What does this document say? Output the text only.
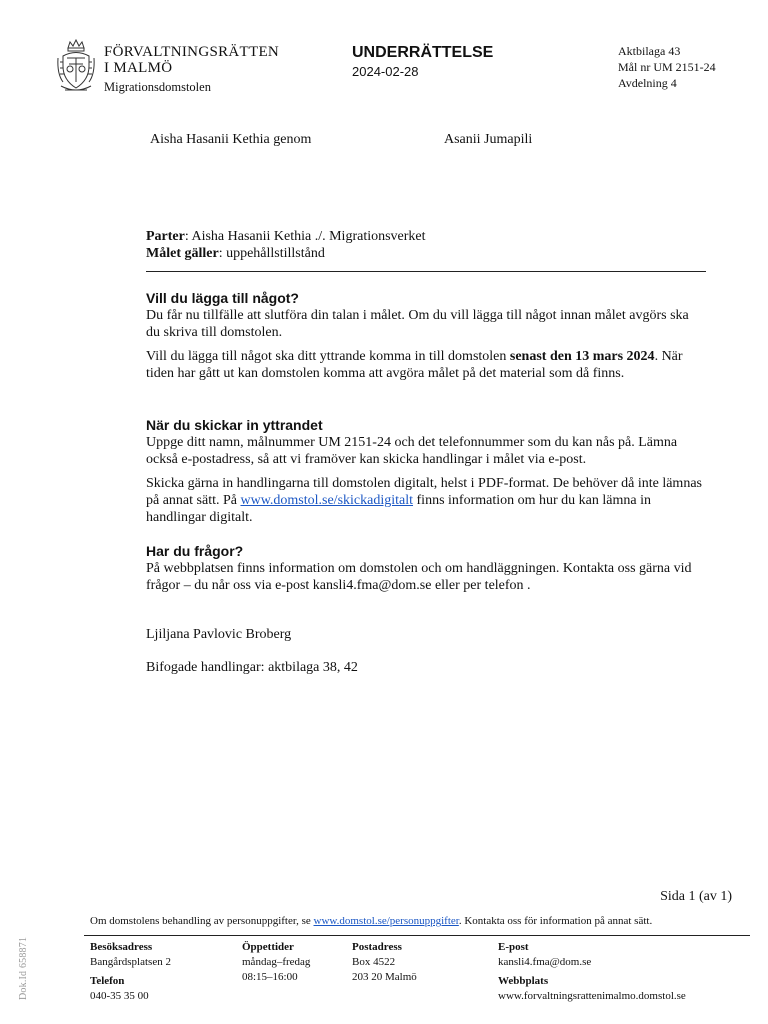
FÖRVALTNINGSRÄTTEN
I MALMÖ
Migrationsdomstolen
UNDERRÄTTELSE
2024-02-28
Aktbilaga 43
Mål nr UM 2151-24
Avdelning 4
Aisha Hasanii Kethia genom	Asanii Jumapili
Parter: Aisha Hasanii Kethia ./. Migrationsverket
Målet gäller: uppehållstillstånd
Vill du lägga till något?

Du får nu tillfälle att slutföra din talan i målet. Om du vill lägga till något innan målet avgörs ska du skriva till domstolen.

Vill du lägga till något ska ditt yttrande komma in till domstolen senast den 13 mars 2024. När tiden har gått ut kan domstolen komma att avgöra målet på det material som då finns.

När du skickar in yttrandet

Uppge ditt namn, målnummer UM 2151-24 och det telefonnummer som du kan nås på. Lämna också e-postadress, så att vi framöver kan skicka handlingar i målet via e-post.

Skicka gärna in handlingarna till domstolen digitalt, helst i PDF-format. De behöver då inte lämnas på annat sätt. På www.domstol.se/skickadigitalt finns information om hur du kan lämna in handlingar digitalt.

Har du frågor?

På webbplatsen finns information om domstolen och om handläggningen. Kontakta oss gärna vid frågor – du når oss via e-post kansli4.fma@dom.se eller per telefon .

Ljiljana Pavlovic Broberg
Bifogade handlingar: aktbilaga 38, 42
Sida 1 (av 1)
Om domstolens behandling av personuppgifter, se www.domstol.se/personuppgifter. Kontakta oss för information på annat sätt.
Besöksadress
Bangårdsplatsen 2
Telefon
040-35 35 00
Öppettider
måndag–fredag
08:15–16:00
Postadress
Box 4522
203 20 Malmö
E-post
kansli4.fma@dom.se
Webbplats
www.forvaltningsrattenimalmo.domstol.se
Dok.Id 658871
